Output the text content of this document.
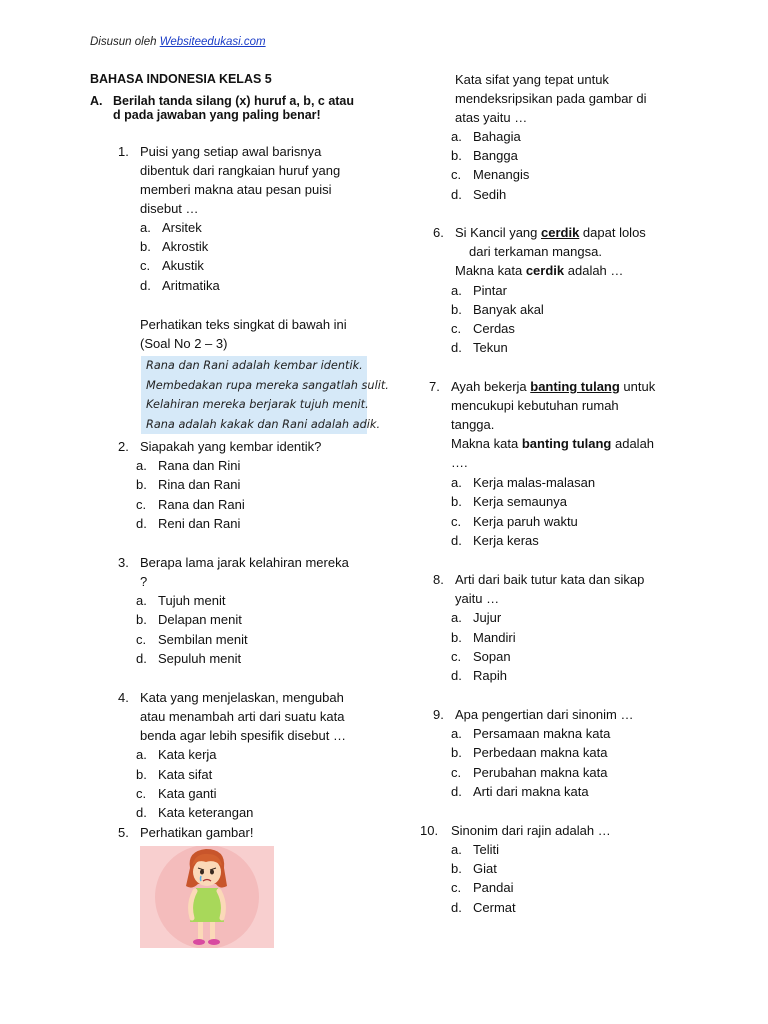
Disusun oleh Websiteedukasi.com
BAHASA INDONESIA KELAS 5
A. Berilah tanda silang (x) huruf a, b, c atau d pada jawaban yang paling benar!
1. Puisi yang setiap awal barisnya
dibentuk dari rangkaian huruf yang
memberi makna atau pesan puisi
disebut …
a. Arsitek
b. Akrostik
c. Akustik
d. Aritmatika
Perhatikan teks singkat di bawah ini
(Soal No 2 – 3)
Rana dan Rani adalah kembar identik.
Membedakan rupa mereka sangatlah sulit.
Kelahiran mereka berjarak tujuh menit.
Rana adalah kakak dan Rani adalah adik.
2. Siapakah yang kembar identik?
a. Rana dan Rini
b. Rina dan Rani
c. Rana dan Rani
d. Reni dan Rani
3. Berapa lama jarak kelahiran mereka
?
a. Tujuh menit
b. Delapan menit
c. Sembilan menit
d. Sepuluh menit
4. Kata yang menjelaskan, mengubah
atau menambah arti dari suatu kata
benda agar lebih spesifik disebut …
a. Kata kerja
b. Kata sifat
c. Kata ganti
d. Kata keterangan
5. Perhatikan gambar!
Kata sifat yang tepat untuk
mendeksripsikan pada gambar di
atas yaitu …
a. Bahagia
b. Bangga
c. Menangis
d. Sedih
6. Si Kancil yang cerdik dapat lolos
dari terkaman mangsa.
Makna kata cerdik adalah …
a. Pintar
b. Banyak akal
c. Cerdas
d. Tekun
7. Ayah bekerja banting tulang untuk
mencukupi kebutuhan rumah
tangga.
Makna kata banting tulang adalah
….
a. Kerja malas-malasan
b. Kerja semaunya
c. Kerja paruh waktu
d. Kerja keras
8. Arti dari baik tutur kata dan sikap
yaitu …
a. Jujur
b. Mandiri
c. Sopan
d. Rapih
9. Apa pengertian dari sinonim …
a. Persamaan makna kata
b. Perbedaan makna kata
c. Perubahan makna kata
d. Arti dari makna kata
10. Sinonim dari rajin adalah …
a. Teliti
b. Giat
c. Pandai
d. Cermat
